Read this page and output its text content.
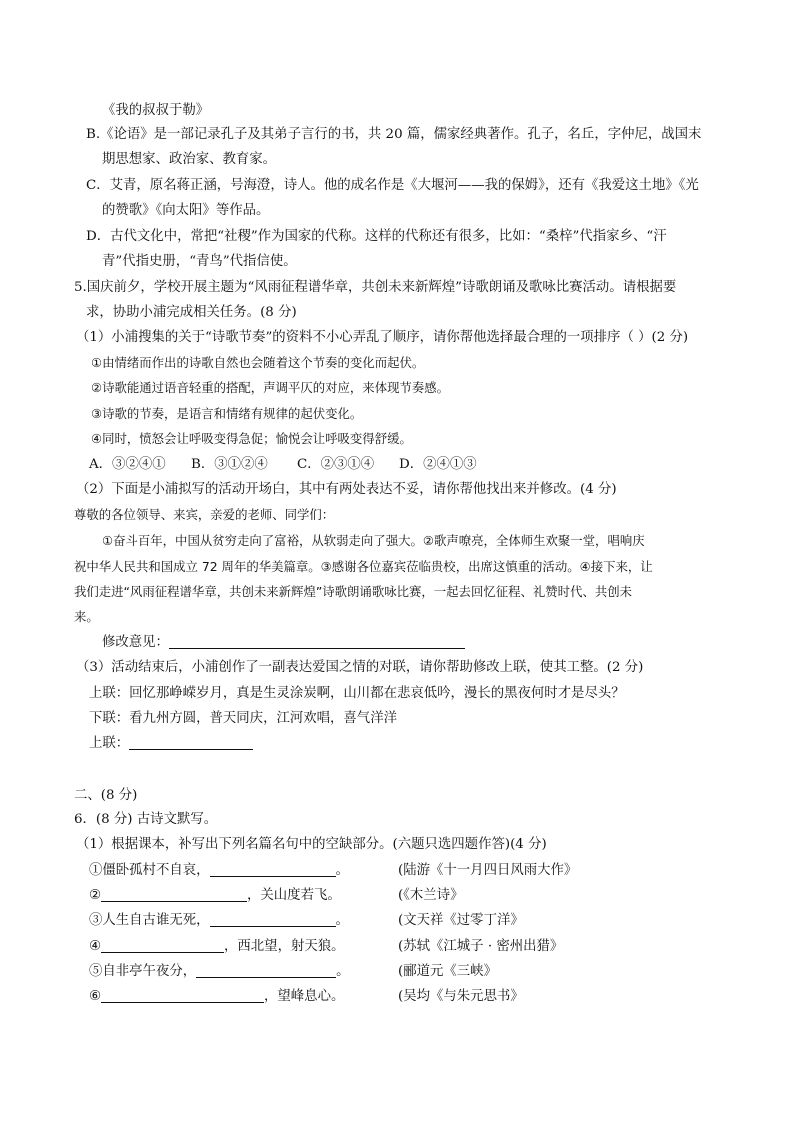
《我的叔叔于勒》
B.《论语》是一部记录孔子及其弟子言行的书，共 20 篇，儒家经典著作。孔子，名丘，字仲尼，战国末
期思想家、政治家、教育家。
C．艾青，原名蒋正涵，号海澄，诗人。他的成名作是《大堰河——我的保姆》，还有《我爱这土地》《光
的赞歌》《向太阳》等作品。
D．古代文化中，常把“社稷”作为国家的代称。这样的代称还有很多，比如：“桑梓”代指家乡、“汗
青”代指史册，“青鸟”代指信使。
5.国庆前夕，学校开展主题为“风雨征程谱华章，共创未来新辉煌”诗歌朗诵及歌咏比赛活动。请根据要
求，协助小浦完成相关任务。(8 分)
（1）小浦搜集的关于“诗歌节奏”的资料不小心弄乱了顺序，请你帮他选择最合理的一项排序（ ）(2 分)
①由情绪而作出的诗歌自然也会随着这个节奏的变化而起伏。
②诗歌能通过语音轻重的搭配，声调平仄的对应，来体现节奏感。
③诗歌的节奏，是语言和情绪有规律的起伏变化。
④同时，愤怒会让呼吸变得急促；愉悦会让呼吸变得舒缓。
A．③②④① B．③①②④ C．②③①④ D．②④①③
（2）下面是小浦拟写的活动开场白，其中有两处表达不妥，请你帮他找出来并修改。(4 分)
尊敬的各位领导、来宾，亲爱的老师、同学们：
①奋斗百年，中国从贫穷走向了富裕，从软弱走向了强大。②歌声嘹亮，全体师生欢聚一堂，唱响庆
祝中华人民共和国成立 72 周年的华美篇章。③感谢各位嘉宾莅临贵校，出席这慎重的活动。④接下来，让
我们走进“风雨征程谱华章，共创未来新辉煌”诗歌朗诵歌咏比赛，一起去回忆征程、礼赞时代、共创未
来。
修改意见：
（3）活动结束后，小浦创作了一副表达爱国之情的对联，请你帮助修改上联，使其工整。(2 分)
上联：回忆那峥嵘岁月，真是生灵涂炭啊，山川都在悲哀低吟，漫长的黑夜何时才是尽头？
下联：看九州方圆，普天同庆，江河欢唱，喜气洋洋
上联：
二、(8 分)
6．(8 分) 古诗文默写。
（1）根据课本，补写出下列名篇名句中的空缺部分。(六题只选四题作答)(4 分)
①僵卧孤村不自哀，	。	(陆游《十一月四日风雨大作》
②	，关山度若飞。	(《木兰诗》
③人生自古谁无死，	。	(文天祥《过零丁洋》
④	，西北望，射天狼。	(苏轼《江城子 · 密州出猎》
⑤自非亭午夜分，	。	(郦道元《三峡》
⑥	，望峰息心。	(吴均《与朱元思书》
